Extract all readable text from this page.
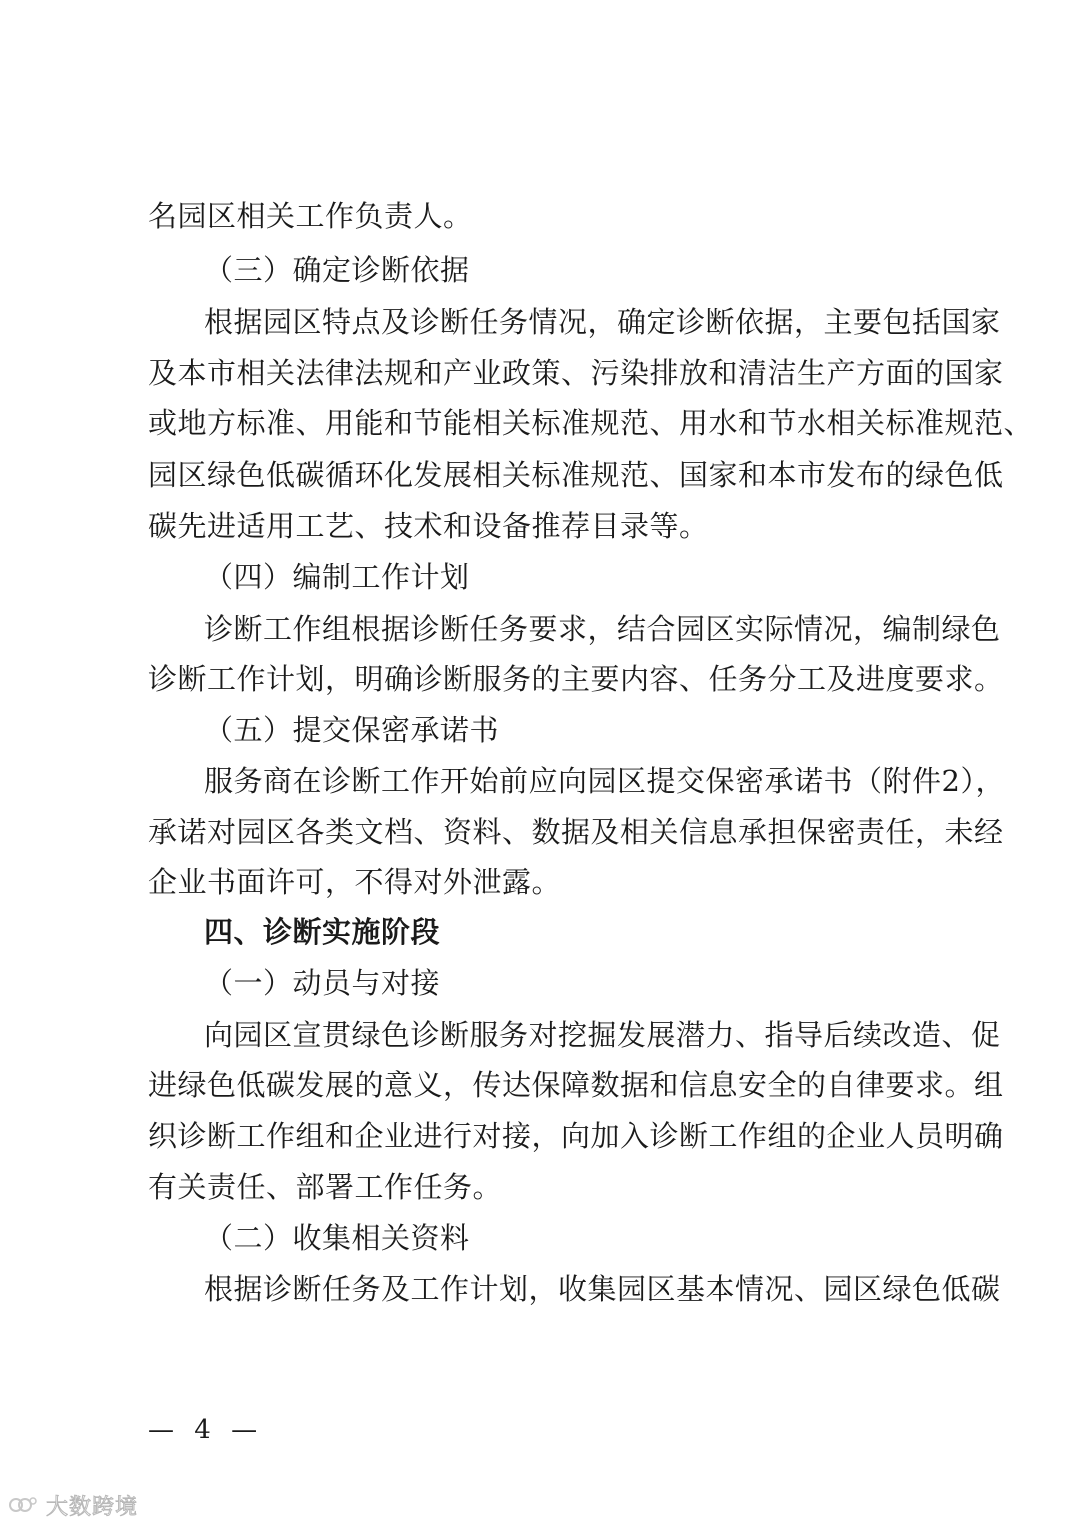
名园区相关工作负责人。
（三）确定诊断依据
根据园区特点及诊断任务情况，确定诊断依据，主要包括国家
及本市相关法律法规和产业政策、污染排放和清洁生产方面的国家
或地方标准、用能和节能相关标准规范、用水和节水相关标准规范、
园区绿色低碳循环化发展相关标准规范、国家和本市发布的绿色低
碳先进适用工艺、技术和设备推荐目录等。
（四）编制工作计划
诊断工作组根据诊断任务要求，结合园区实际情况，编制绿色
诊断工作计划，明确诊断服务的主要内容、任务分工及进度要求。
（五）提交保密承诺书
服务商在诊断工作开始前应向园区提交保密承诺书（附件2），
承诺对园区各类文档、资料、数据及相关信息承担保密责任，未经
企业书面许可，不得对外泄露。
四、诊断实施阶段
（一）动员与对接
向园区宣贯绿色诊断服务对挖掘发展潜力、指导后续改造、促
进绿色低碳发展的意义，传达保障数据和信息安全的自律要求。组
织诊断工作组和企业进行对接，向加入诊断工作组的企业人员明确
有关责任、部署工作任务。
（二）收集相关资料
根据诊断任务及工作计划，收集园区基本情况、园区绿色低碳
— 4 —
大数跨境
